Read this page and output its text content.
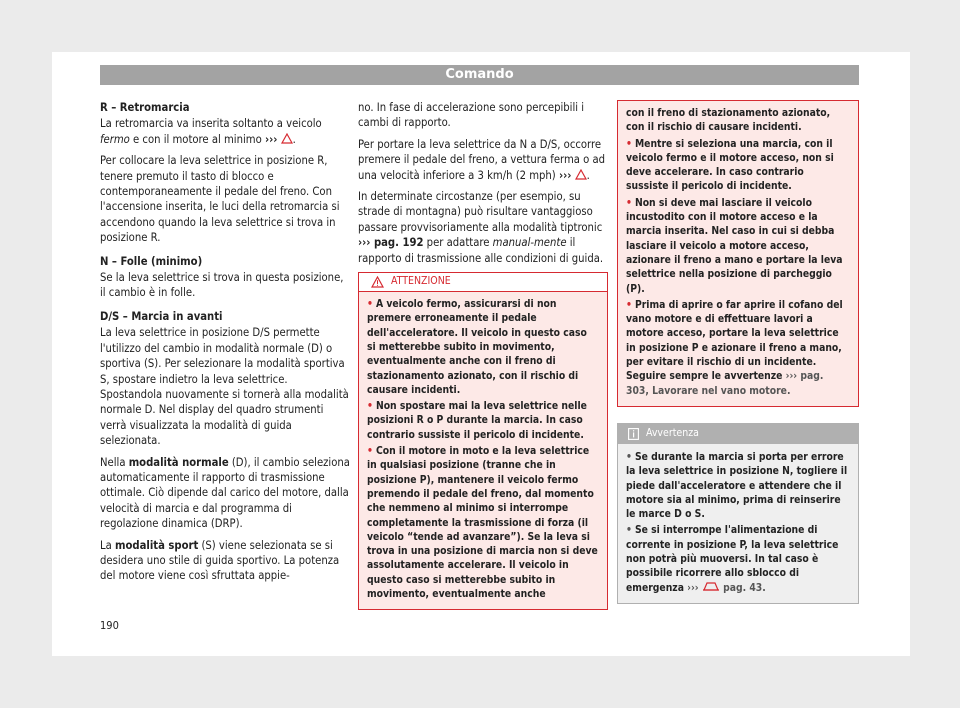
Comando

R – Retromarcia

La retromarcia va inserita soltanto a veicolo fermo e con il motore al minimo ››› .

Per collocare la leva selettrice in posizione R, tenere premuto il tasto di blocco e contemporaneamente il pedale del freno. Con l'accensione inserita, le luci della retromarcia si accendono quando la leva selettrice si trova in posizione R.

N – Folle (minimo)

Se la leva selettrice si trova in questa posizione, il cambio è in folle.

D/S – Marcia in avanti

La leva selettrice in posizione D/S permette l'utilizzo del cambio in modalità normale (D) o sportiva (S). Per selezionare la modalità sportiva S, spostare indietro la leva selettrice. Spostandola nuovamente si tornerà alla modalità normale D. Nel display del quadro strumenti verrà visualizzata la modalità di guida selezionata.

Nella modalità normale (D), il cambio seleziona automaticamente il rapporto di trasmissione ottimale. Ciò dipende dal carico del motore, dalla velocità di marcia e dal programma di regolazione dinamica (DRP).

La modalità sport (S) viene selezionata se si desidera uno stile di guida sportivo. La potenza del motore viene così sfruttata appie-

no. In fase di accelerazione sono percepibili i cambi di rapporto.

Per portare la leva selettrice da N a D/S, occorre premere il pedale del freno, a vettura ferma o ad una velocità inferiore a 3 km/h (2 mph) ››› .

In determinate circostanze (per esempio, su strade di montagna) può risultare vantaggioso passare provvisoriamente alla modalità tiptronic ››› pag. 192 per adattare manual-mente il rapporto di trasmissione alle condizioni di guida.

ATTENZIONE
• A veicolo fermo, assicurarsi di non premere erroneamente il pedale dell'acceleratore. Il veicolo in questo caso si metterebbe subito in movimento, eventualmente anche con il freno di stazionamento azionato, con il rischio di causare incidenti.
• Non spostare mai la leva selettrice nelle posizioni R o P durante la marcia. In caso contrario sussiste il pericolo di incidente.
• Con il motore in moto e la leva selettrice in qualsiasi posizione (tranne che in posizione P), mantenere il veicolo fermo premendo il pedale del freno, dal momento che nemmeno al minimo si interrompe completamente la trasmissione di forza (il veicolo “tende ad avanzare”). Se la leva si trova in una posizione di marcia non si deve assolutamente accelerare. Il veicolo in questo caso si metterebbe subito in movimento, eventualmente anche

con il freno di stazionamento azionato, con il rischio di causare incidenti.

• Mentre si seleziona una marcia, con il veicolo fermo e il motore acceso, non si deve accelerare. In caso contrario sussiste il pericolo di incidente.
• Non si deve mai lasciare il veicolo incustodito con il motore acceso e la marcia inserita. Nel caso in cui si debba lasciare il veicolo a motore acceso, azionare il freno a mano e portare la leva selettrice nella posizione di parcheggio (P).
• Prima di aprire o far aprire il cofano del vano motore e di effettuare lavori a motore acceso, portare la leva selettrice in posizione P e azionare il freno a mano, per evitare il rischio di un incidente. Seguire sempre le avvertenze ››› pag. 303, Lavorare nel vano motore.
Avvertenza
• Se durante la marcia si porta per errore la leva selettrice in posizione N, togliere il piede dall'acceleratore e attendere che il motore sia al minimo, prima di reinserire le marce D o S.
• Se si interrompe l'alimentazione di corrente in posizione P, la leva selettrice non potrà più muoversi. In tal caso è possibile ricorrere allo sblocco di emergenza ››› pag. 43.
190
